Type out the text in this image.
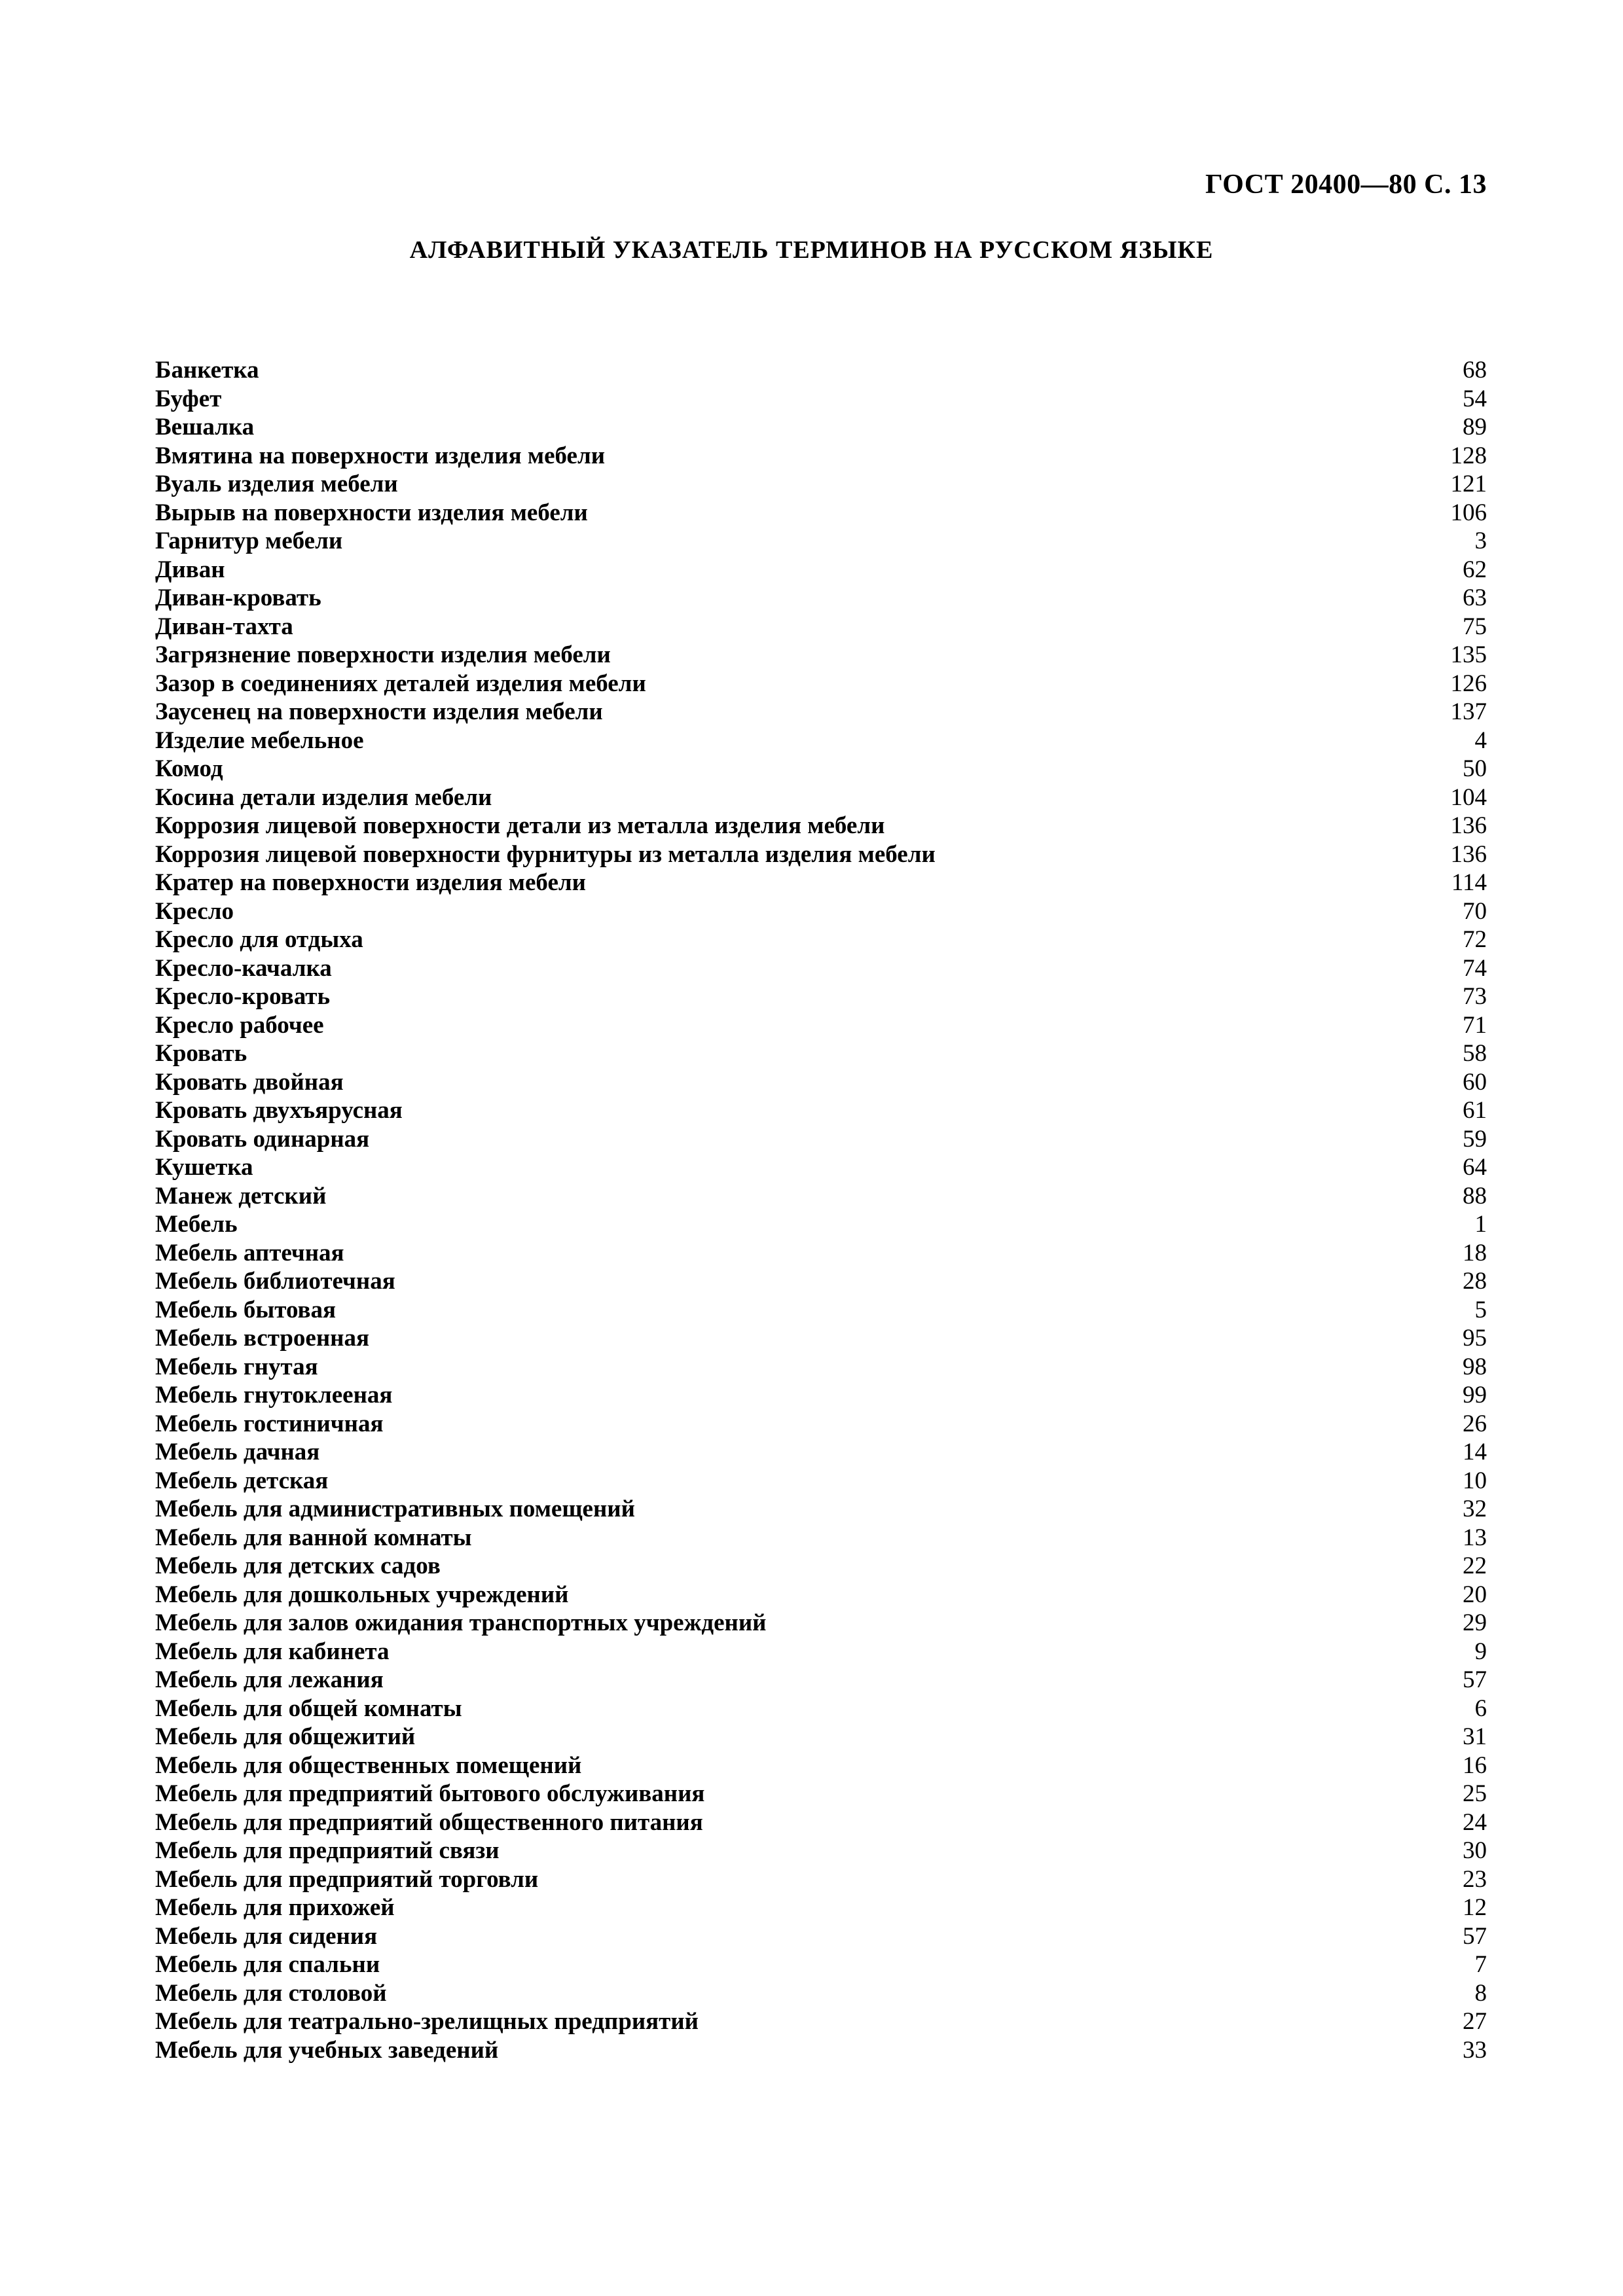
ГОСТ 20400—80 С. 13
АЛФАВИТНЫЙ УКАЗАТЕЛЬ ТЕРМИНОВ НА РУССКОМ ЯЗЫКЕ
Банкетка	68
Буфет	54
Вешалка	89
Вмятина на поверхности изделия мебели	128
Вуаль изделия мебели	121
Вырыв на поверхности изделия мебели	106
Гарнитур мебели	3
Диван	62
Диван-кровать	63
Диван-тахта	75
Загрязнение поверхности изделия мебели	135
Зазор в соединениях деталей изделия мебели	126
Заусенец на поверхности изделия мебели	137
Изделие мебельное	4
Комод	50
Косина детали изделия мебели	104
Коррозия лицевой поверхности детали из металла изделия мебели	136
Коррозия лицевой поверхности фурнитуры из металла изделия мебели	136
Кратер на поверхности изделия мебели	114
Кресло	70
Кресло для отдыха	72
Кресло-качалка	74
Кресло-кровать	73
Кресло рабочее	71
Кровать	58
Кровать двойная	60
Кровать двухъярусная	61
Кровать одинарная	59
Кушетка	64
Манеж детский	88
Мебель	1
Мебель аптечная	18
Мебель библиотечная	28
Мебель бытовая	5
Мебель встроенная	95
Мебель гнутая	98
Мебель гнутоклееная	99
Мебель гостиничная	26
Мебель дачная	14
Мебель детская	10
Мебель для административных помещений	32
Мебель для ванной комнаты	13
Мебель для детских садов	22
Мебель для дошкольных учреждений	20
Мебель для залов ожидания транспортных учреждений	29
Мебель для кабинета	9
Мебель для лежания	57
Мебель для общей комнаты	6
Мебель для общежитий	31
Мебель для общественных помещений	16
Мебель для предприятий бытового обслуживания	25
Мебель для предприятий общественного питания	24
Мебель для предприятий связи	30
Мебель для предприятий торговли	23
Мебель для прихожей	12
Мебель для сидения	57
Мебель для спальни	7
Мебель для столовой	8
Мебель для театрально-зрелищных предприятий	27
Мебель для учебных заведений	33
